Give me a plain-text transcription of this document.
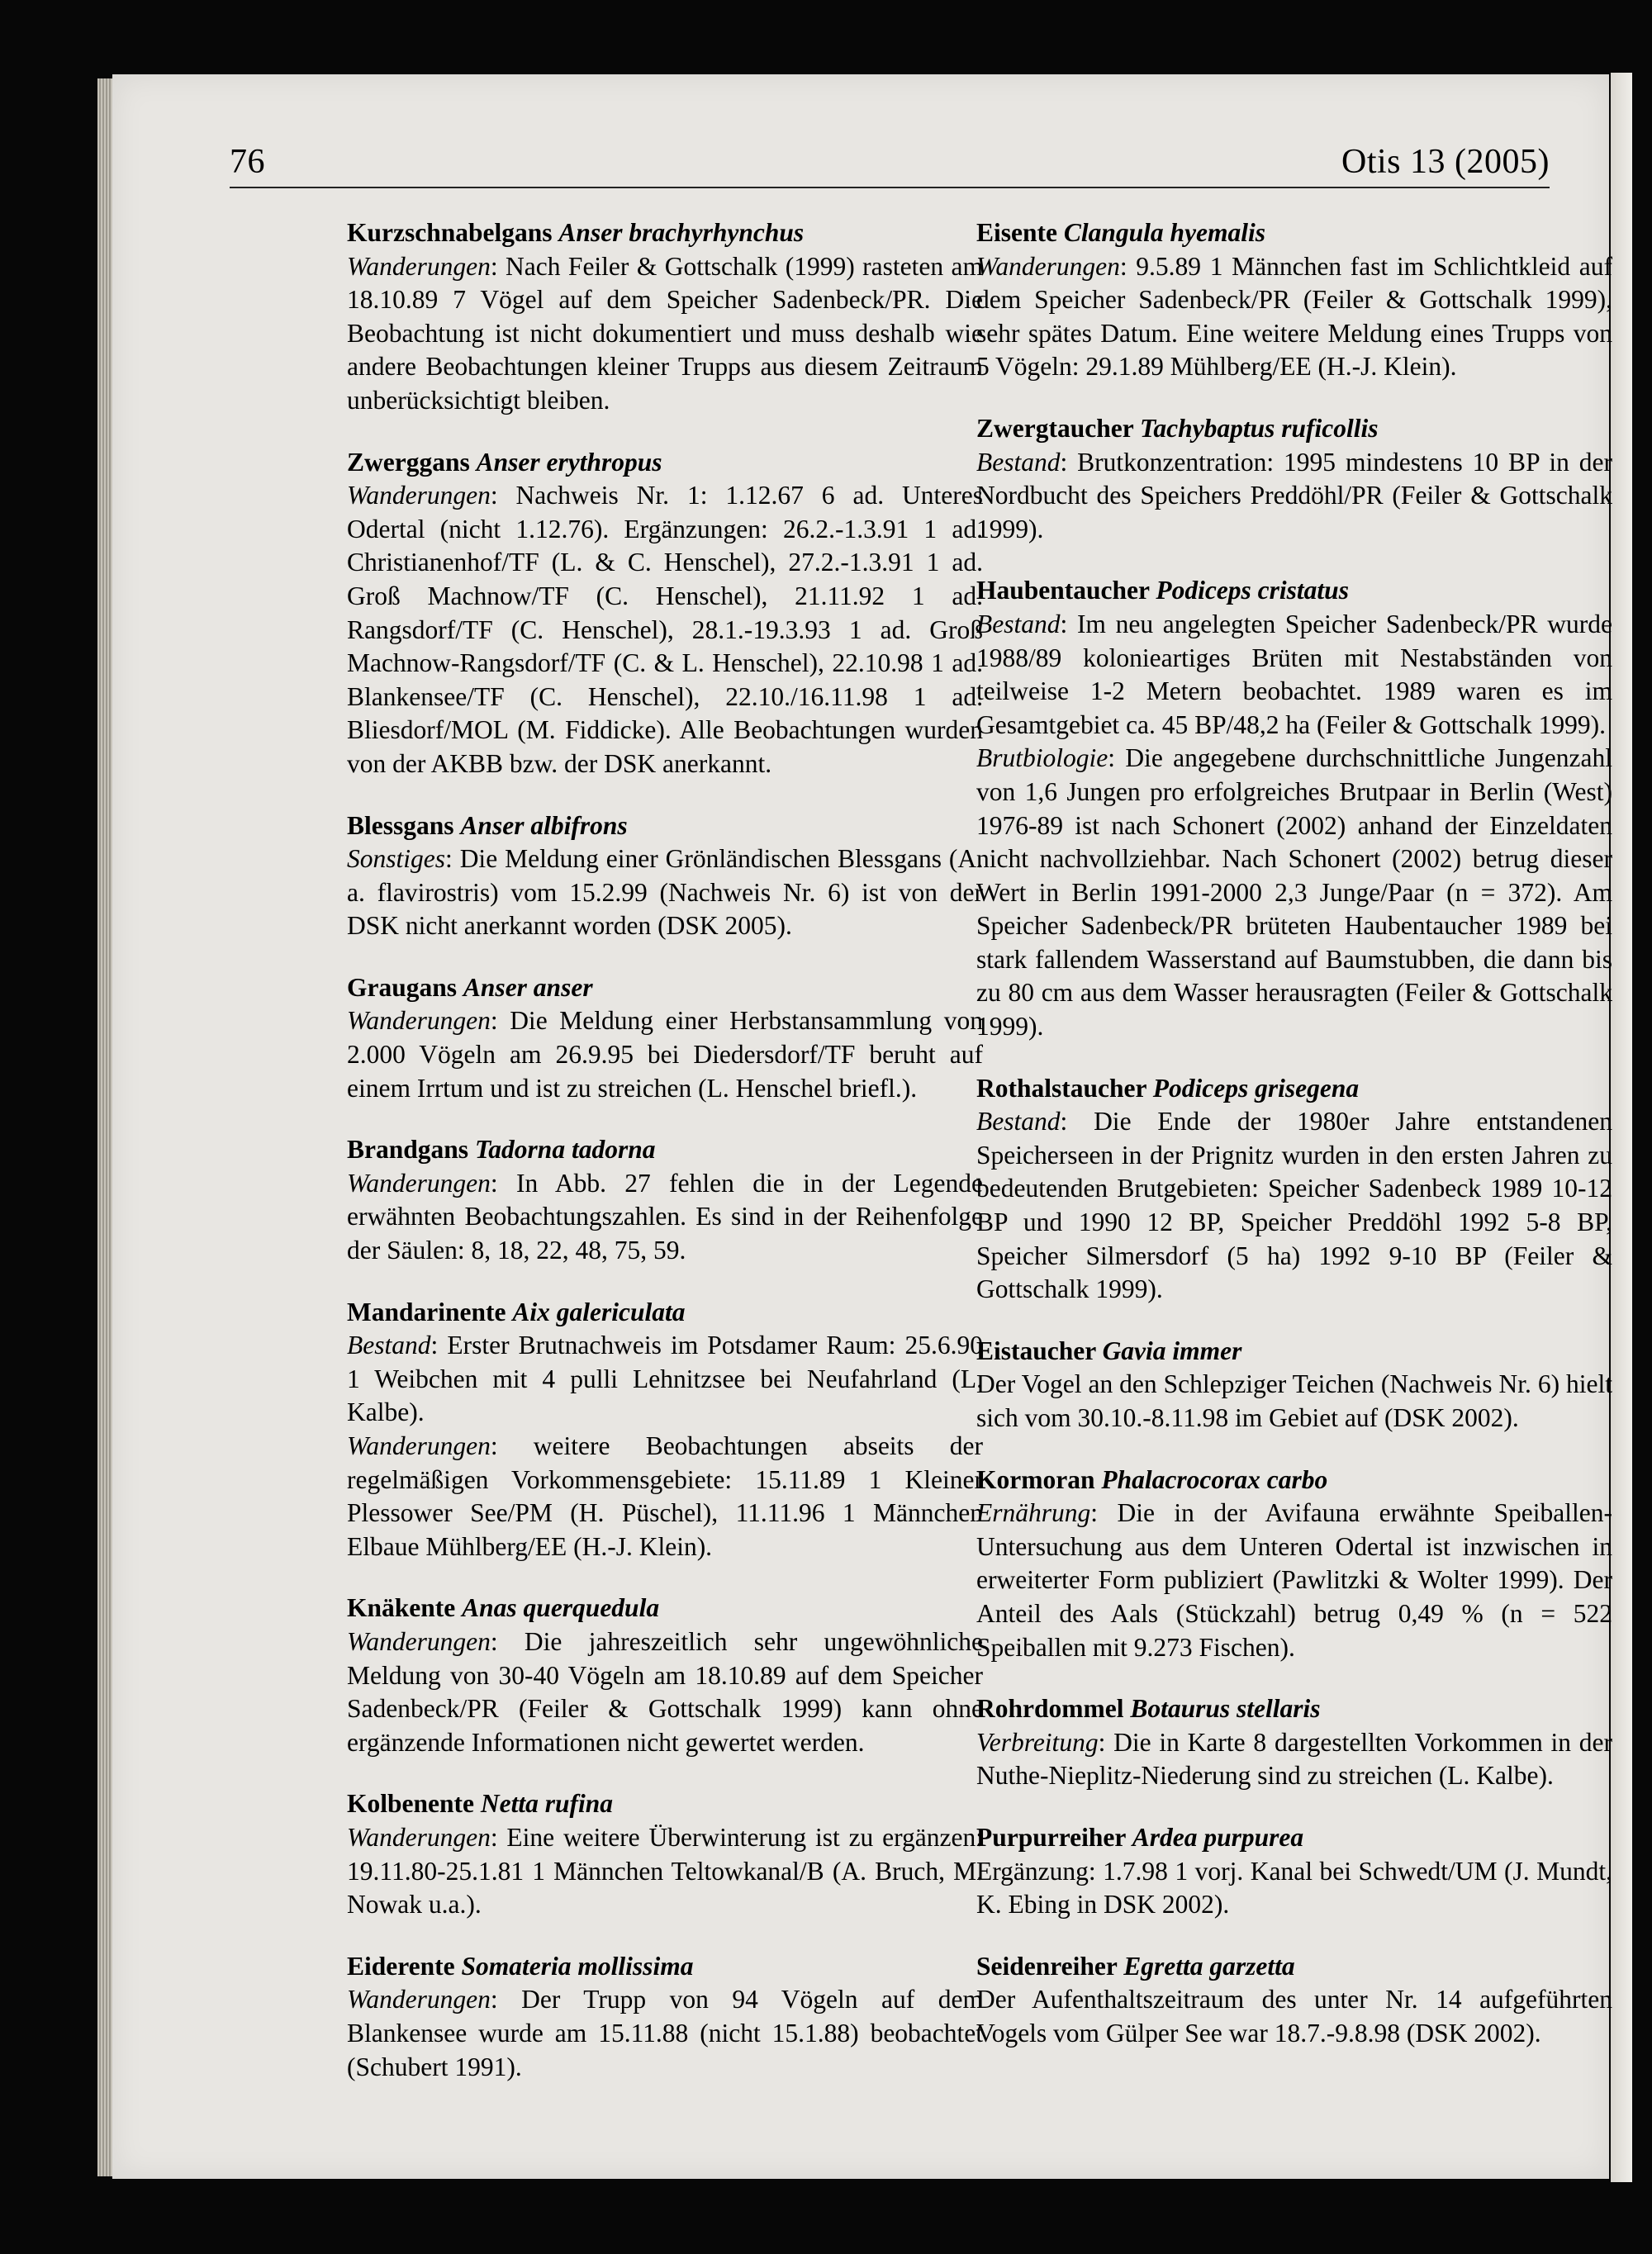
76	Otis 13 (2005)

Kurzschnabelgans Anser brachyrhynchus

Wanderungen: Nach Feiler & Gottschalk (1999) rasteten am 18.10.89 7 Vögel auf dem Speicher Sadenbeck/PR. Die Beobachtung ist nicht dokumentiert und muss deshalb wie andere Beobachtungen kleiner Trupps aus diesem Zeitraum unberücksichtigt bleiben.

Zwerggans Anser erythropus

Wanderungen: Nachweis Nr. 1: 1.12.67 6 ad. Unteres Odertal (nicht 1.12.76). Ergänzungen: 26.2.-1.3.91 1 ad. Christianenhof/TF (L. & C. Henschel), 27.2.-1.3.91 1 ad. Groß Machnow/TF (C. Henschel), 21.11.92 1 ad. Rangsdorf/TF (C. Henschel), 28.1.-19.3.93 1 ad. Groß Machnow-Rangsdorf/TF (C. & L. Henschel), 22.10.98 1 ad. Blankensee/TF (C. Henschel), 22.10./16.11.98 1 ad. Bliesdorf/MOL (M. Fiddicke). Alle Beobachtungen wurden von der AKBB bzw. der DSK anerkannt.

Blessgans Anser albifrons

Sonstiges: Die Meldung einer Grönländischen Blessgans (A. a. flavirostris) vom 15.2.99 (Nachweis Nr. 6) ist von der DSK nicht anerkannt worden (DSK 2005).

Graugans Anser anser

Wanderungen: Die Meldung einer Herbstansammlung von 2.000 Vögeln am 26.9.95 bei Diedersdorf/TF beruht auf einem Irrtum und ist zu streichen (L. Henschel briefl.).

Brandgans Tadorna tadorna

Wanderungen: In Abb. 27 fehlen die in der Legende erwähnten Beobachtungszahlen. Es sind in der Reihenfolge der Säulen: 8, 18, 22, 48, 75, 59.

Mandarinente Aix galericulata

Bestand: Erster Brutnachweis im Potsdamer Raum: 25.6.90 1 Weibchen mit 4 pulli Lehnitzsee bei Neufahrland (L. Kalbe).

Wanderungen: weitere Beobachtungen abseits der regelmäßigen Vorkommensgebiete: 15.11.89 1 Kleiner Plessower See/PM (H. Püschel), 11.11.96 1 Männchen Elbaue Mühlberg/EE (H.-J. Klein).

Knäkente Anas querquedula

Wanderungen: Die jahreszeitlich sehr ungewöhnliche Meldung von 30-40 Vögeln am 18.10.89 auf dem Speicher Sadenbeck/PR (Feiler & Gottschalk 1999) kann ohne ergänzende Informationen nicht gewertet werden.

Kolbenente Netta rufina

Wanderungen: Eine weitere Überwinterung ist zu ergänzen: 19.11.80-25.1.81 1 Männchen Teltowkanal/B (A. Bruch, M. Nowak u.a.).

Eiderente Somateria mollissima

Wanderungen: Der Trupp von 94 Vögeln auf dem Blankensee wurde am 15.11.88 (nicht 15.1.88) beobachtet (Schubert 1991).

Eisente Clangula hyemalis

Wanderungen: 9.5.89 1 Männchen fast im Schlichtkleid auf dem Speicher Sadenbeck/PR (Feiler & Gottschalk 1999), sehr spätes Datum. Eine weitere Meldung eines Trupps von 5 Vögeln: 29.1.89 Mühlberg/EE (H.-J. Klein).

Zwergtaucher Tachybaptus ruficollis

Bestand: Brutkonzentration: 1995 mindestens 10 BP in der Nordbucht des Speichers Preddöhl/PR (Feiler & Gottschalk 1999).

Haubentaucher Podiceps cristatus

Bestand: Im neu angelegten Speicher Sadenbeck/PR wurde 1988/89 kolonieartiges Brüten mit Nestabständen von teilweise 1-2 Metern beobachtet. 1989 waren es im Gesamtgebiet ca. 45 BP/48,2 ha (Feiler & Gottschalk 1999).

Brutbiologie: Die angegebene durchschnittliche Jungenzahl von 1,6 Jungen pro erfolgreiches Brutpaar in Berlin (West) 1976-89 ist nach Schonert (2002) anhand der Einzeldaten nicht nachvollziehbar. Nach Schonert (2002) betrug dieser Wert in Berlin 1991-2000 2,3 Junge/Paar (n = 372). Am Speicher Sadenbeck/PR brüteten Haubentaucher 1989 bei stark fallendem Wasserstand auf Baumstubben, die dann bis zu 80 cm aus dem Wasser herausragten (Feiler & Gottschalk 1999).

Rothalstaucher Podiceps grisegena

Bestand: Die Ende der 1980er Jahre entstandenen Speicherseen in der Prignitz wurden in den ersten Jahren zu bedeutenden Brutgebieten: Speicher Sadenbeck 1989 10-12 BP und 1990 12 BP, Speicher Preddöhl 1992 5-8 BP, Speicher Silmersdorf (5 ha) 1992 9-10 BP (Feiler & Gottschalk 1999).

Eistaucher Gavia immer

Der Vogel an den Schlepziger Teichen (Nachweis Nr. 6) hielt sich vom 30.10.-8.11.98 im Gebiet auf (DSK 2002).

Kormoran Phalacrocorax carbo

Ernährung: Die in der Avifauna erwähnte Speiballen-Untersuchung aus dem Unteren Odertal ist inzwischen in erweiterter Form publiziert (Pawlitzki & Wolter 1999). Der Anteil des Aals (Stückzahl) betrug 0,49 % (n = 522 Speiballen mit 9.273 Fischen).

Rohrdommel Botaurus stellaris

Verbreitung: Die in Karte 8 dargestellten Vorkommen in der Nuthe-Nieplitz-Niederung sind zu streichen (L. Kalbe).

Purpurreiher Ardea purpurea

Ergänzung: 1.7.98 1 vorj. Kanal bei Schwedt/UM (J. Mundt, K. Ebing in DSK 2002).

Seidenreiher Egretta garzetta

Der Aufenthaltszeitraum des unter Nr. 14 aufgeführten Vogels vom Gülper See war 18.7.-9.8.98 (DSK 2002).
